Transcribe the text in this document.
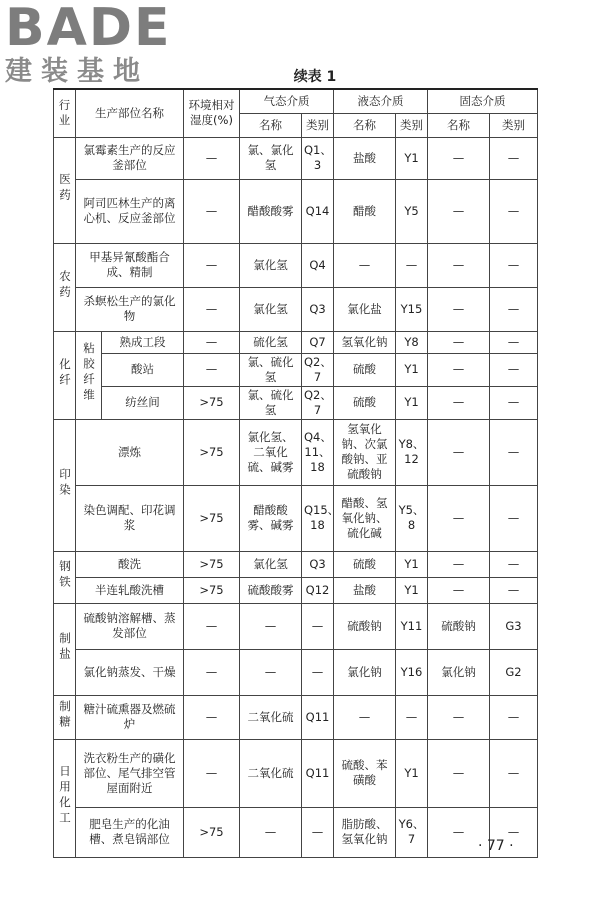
BADE
建装基地	续表 1
行业	生产部位名称		环境相对湿度(%)	气态介质		液态介质		固态介质	
				名称	类别	名称	类别	名称	类别
医药	氯霉素生产的反应釜部位		—	氯、氯化氢	Q1、3	盐酸	Y1	—	—
	阿司匹林生产的离心机、反应釜部位		—	醋酸酸雾	Q14	醋酸	Y5	—	—
农药	甲基异氰酸酯合成、精制		—	氯化氢	Q4	—	—	—	—
	杀螟松生产的氯化物		—	氯化氢	Q3	氯化盐	Y15	—	—
化纤	粘胶纤维	熟成工段	—	硫化氢	Q7	氢氧化钠	Y8	—	—
		酸站	—	氯、硫化氢	Q2、7	硫酸	Y1	—	—
		纺丝间	>75	氯、硫化氢	Q2、7	硫酸	Y1	—	—
印染	漂炼		>75	氯化氢、二氧化硫、碱雾	Q4、11、18	氢氧化钠、次氯酸钠、亚硫酸钠	Y8、12	—	—
	染色调配、印花调浆		>75	醋酸酸雾、碱雾	Q15、18	醋酸、氢氧化钠、硫化碱	Y5、8	—	—
钢铁	酸洗		>75	氯化氢	Q3	硫酸	Y1	—	—
	半连轧酸洗槽		>75	硫酸酸雾	Q12	盐酸	Y1	—	—
制盐	硫酸钠溶解槽、蒸发部位		—	—	—	硫酸钠	Y11	硫酸钠	G3
	氯化钠蒸发、干燥		—	—	—	氯化钠	Y16	氯化钠	G2
制糖	糖汁硫熏器及燃硫炉		—	二氧化硫	Q11	—	—	—	—
日用化工	洗衣粉生产的磺化部位、尾气排空管屋面附近		—	二氧化硫	Q11	硫酸、苯磺酸	Y1	—	—
	肥皂生产的化油槽、煮皂锅部位		>75	—	—	脂肪酸、氢氧化钠	Y6、7	—	—
· 77 ·
